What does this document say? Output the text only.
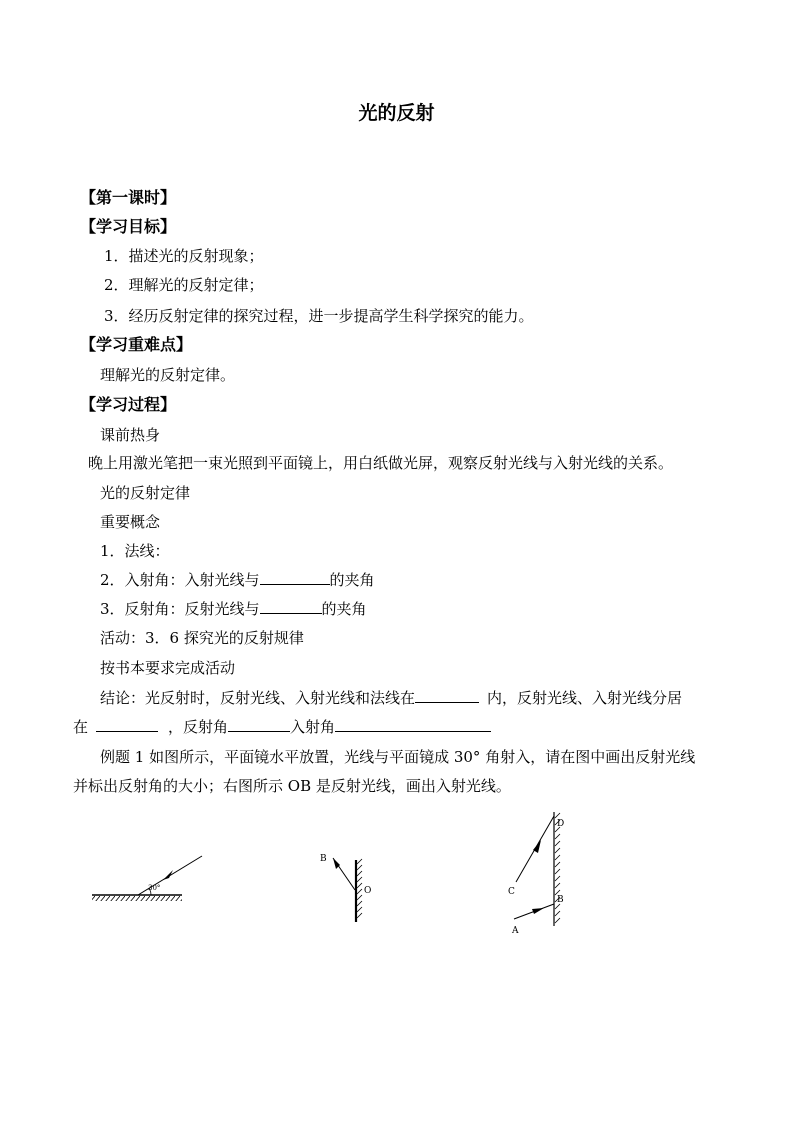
光的反射
【第一课时】
【学习目标】
1．描述光的反射现象；
2．理解光的反射定律；
3．经历反射定律的探究过程，进一步提高学生科学探究的能力。
【学习重难点】
理解光的反射定律。
【学习过程】
课前热身
晚上用激光笔把一束光照到平面镜上，用白纸做光屏，观察反射光线与入射光线的关系。
光的反射定律
重要概念
1．法线：
2．入射角：入射光线与	的夹角
3．反射角：反射光线与	的夹角
活动：3．6 探究光的反射规律
按书本要求完成活动
结论：光反射时，反射光线、入射光线和法线在	内，反射光线、入射光线分居
在	，反射角	入射角
例题 1 如图所示，平面镜水平放置，光线与平面镜成 30° 角射入，请在图中画出反射光线
并标出反射角的大小；右图所示 OB 是反射光线，画出入射光线。
30°
B
O
D
C
B
A
